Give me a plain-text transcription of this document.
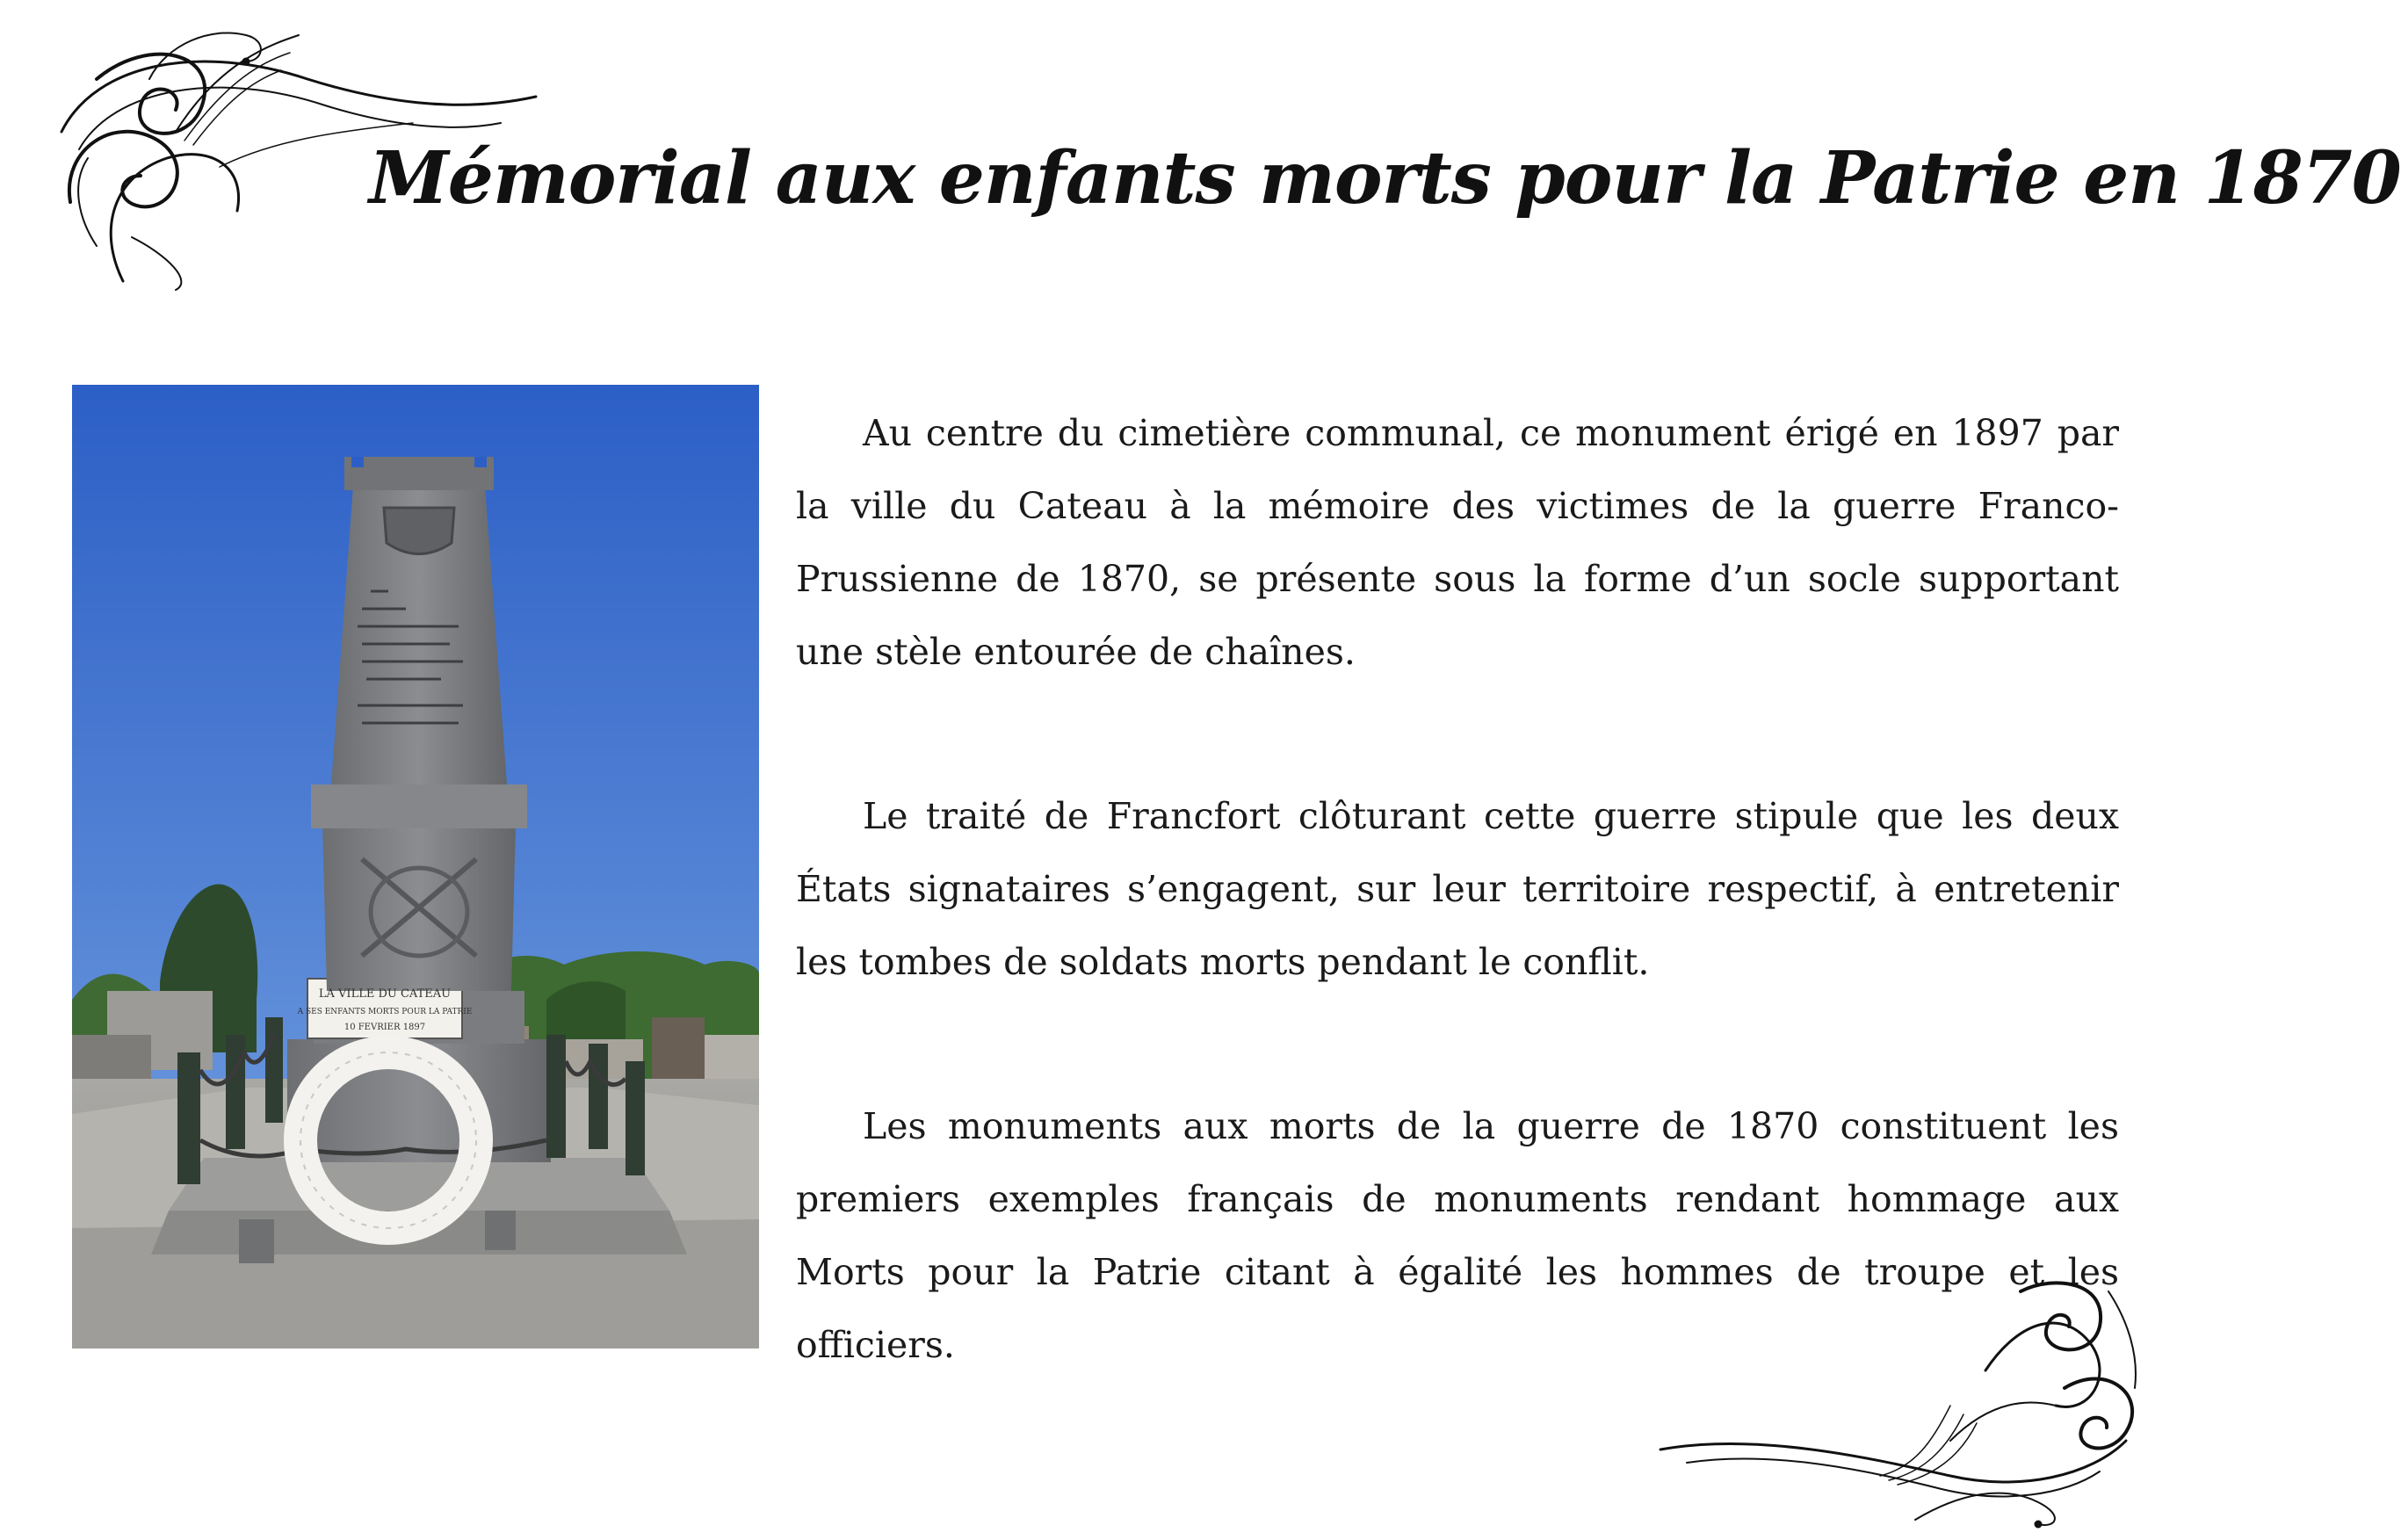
Mémorial aux enfants morts pour la Patrie en 1870
LA VILLE DU CATEAU
A SES ENFANTS MORTS POUR LA PATRIE
10 FEVRIER 1897

Au centre du cimetière communal, ce monument érigé en 1897 par la ville du Cateau à la mémoire des victimes de la guerre Franco-Prussienne de 1870, se présente sous la forme d’un socle supportant une stèle entourée de chaînes.

Le traité de Francfort clôturant cette guerre stipule que les deux États signataires s’engagent, sur leur territoire respectif, à entretenir les tombes de soldats morts pendant le conflit.

Les monuments aux morts de la guerre de 1870 constituent les premiers exemples français de monuments rendant hommage aux Morts pour la Patrie citant à égalité les hommes de troupe et les officiers.
